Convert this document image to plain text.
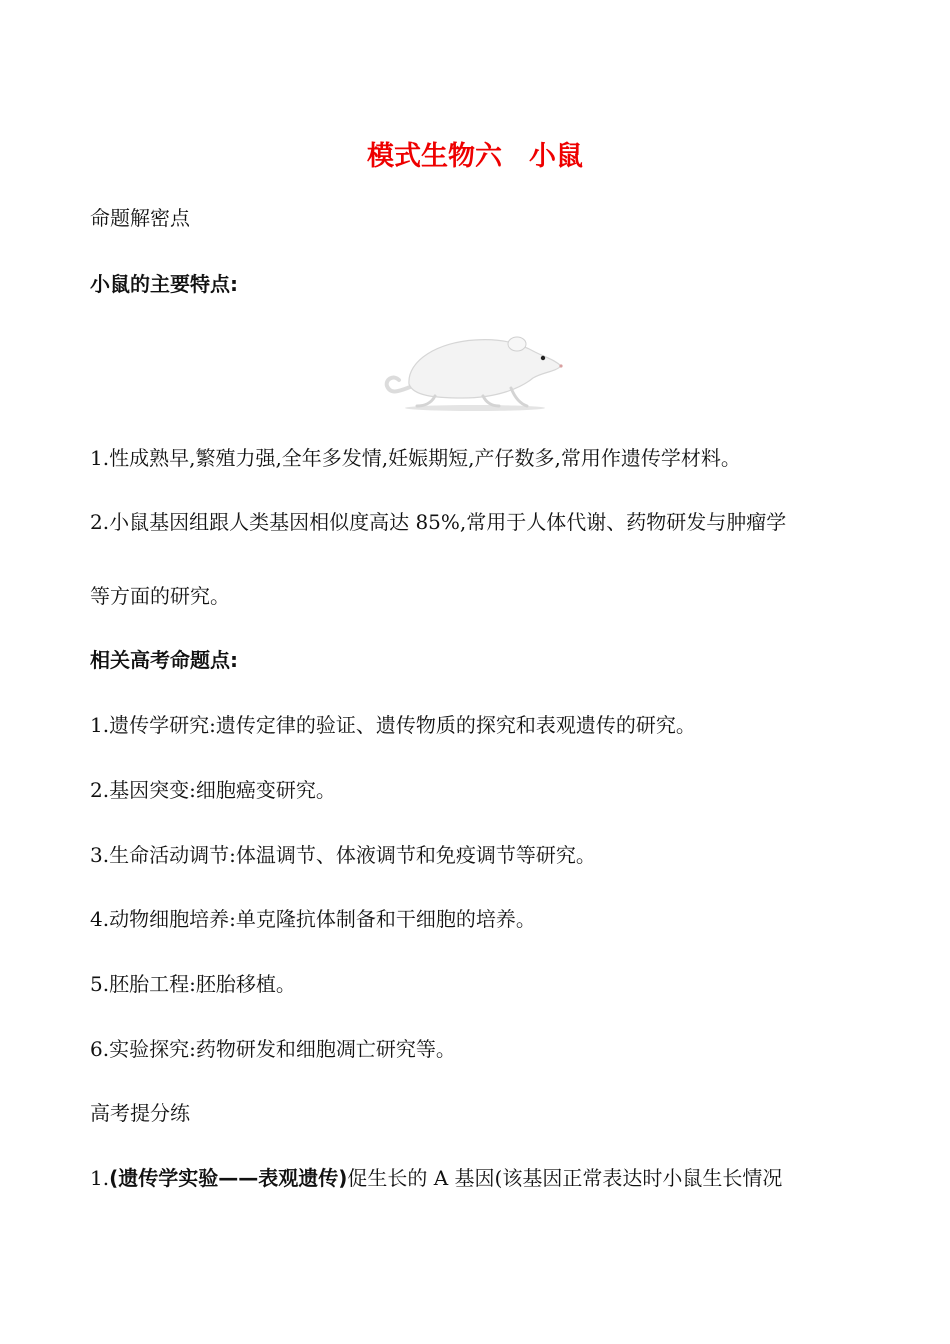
模式生物六　小鼠
命题解密点
小鼠的主要特点:
1.性成熟早,繁殖力强,全年多发情,妊娠期短,产仔数多,常用作遗传学材料。
2.小鼠基因组跟人类基因相似度高达 85%,常用于人体代谢、药物研发与肿瘤学
等方面的研究。
相关高考命题点:
1.遗传学研究:遗传定律的验证、遗传物质的探究和表观遗传的研究。
2.基因突变:细胞癌变研究。
3.生命活动调节:体温调节、体液调节和免疫调节等研究。
4.动物细胞培养:单克隆抗体制备和干细胞的培养。
5.胚胎工程:胚胎移植。
6.实验探究:药物研发和细胞凋亡研究等。
高考提分练
1.(遗传学实验——表观遗传)促生长的 A 基因(该基因正常表达时小鼠生长情况
